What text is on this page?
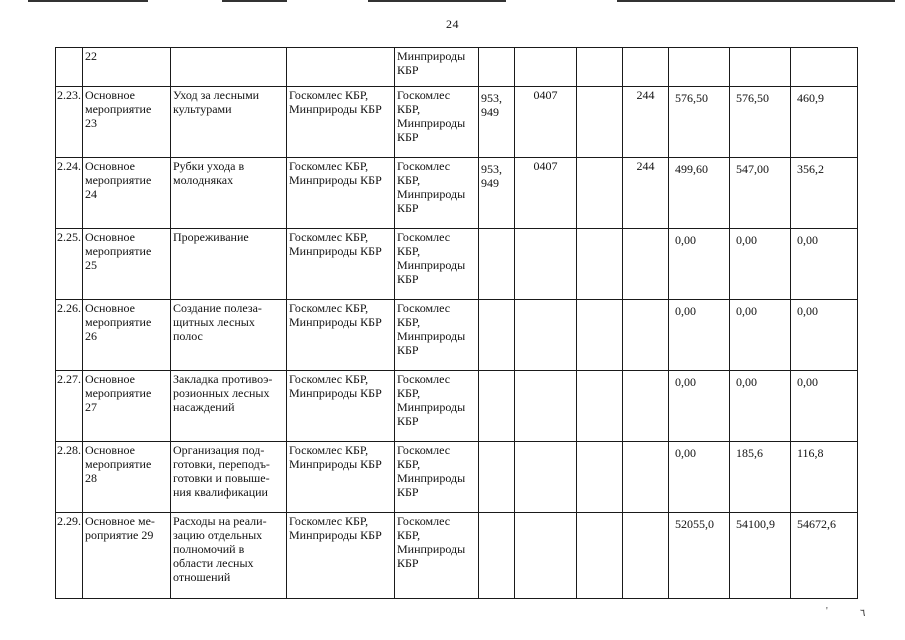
24
	22			Минприроды
КБР							
2.23.	Основное
мероприятие
23	Уход за лесными
культурами	Госкомлес КБР,
Минприроды КБР	Госкомлес
КБР,
Минприроды
КБР	953,
949	0407		244	576,50	576,50	460,9
2.24.	Основное
мероприятие
24	Рубки ухода в
молодняках	Госкомлес КБР,
Минприроды КБР	Госкомлес
КБР,
Минприроды
КБР	953,
949	0407		244	499,60	547,00	356,2
2.25.	Основное
мероприятие
25	Прореживание	Госкомлес КБР,
Минприроды КБР	Госкомлес
КБР,
Минприроды
КБР					0,00	0,00	0,00
2.26.	Основное
мероприятие
26	Создание полеза-
щитных лесных
полос	Госкомлес КБР,
Минприроды КБР	Госкомлес
КБР,
Минприроды
КБР					0,00	0,00	0,00
2.27.	Основное
мероприятие
27	Закладка противоэ-
розионных лесных
насаждений	Госкомлес КБР,
Минприроды КБР	Госкомлес
КБР,
Минприроды
КБР					0,00	0,00	0,00
2.28.	Основное
мероприятие
28	Организация под-
готовки, переподъ-
готовки и повыше-
ния квалификации	Госкомлес КБР,
Минприроды КБР	Госкомлес
КБР,
Минприроды
КБР					0,00	185,6	116,8
2.29.	Основное ме-
роприятие 29	Расходы на реали-
зацию отдельных
полномочий в
области лесных
отношений	Госкомлес КБР,
Минприроды КБР	Госкомлес
КБР,
Минприроды
КБР					52055,0	54100,9	54672,6
'	٦
